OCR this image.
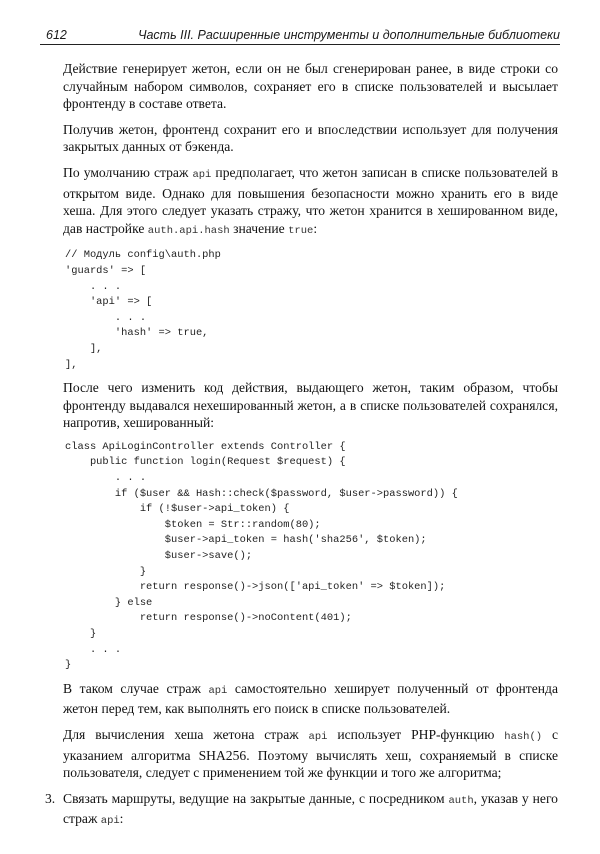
612	Часть III. Расширенные инструменты и дополнительные библиотеки

Действие генерирует жетон, если он не был сгенерирован ранее, в виде строки со случайным набором символов, сохраняет его в списке пользователей и высылает фронтенду в составе ответа.

Получив жетон, фронтенд сохранит его и впоследствии использует для получения закрытых данных от бэкенда.

По умолчанию страж api предполагает, что жетон записан в списке пользователей в открытом виде. Однако для повышения безопасности можно хранить его в виде хеша. Для этого следует указать стражу, что жетон хранится в хешированном виде, дав настройке auth.api.hash значение true:

// Модуль config\auth.php
'guards' => [
. . .
'api' => [
. . .
'hash' => true,
],
],

После чего изменить код действия, выдающего жетон, таким образом, чтобы фронтенду выдавался нехешированный жетон, а в списке пользователей сохранялся, напротив, хешированный:

class ApiLoginController extends Controller {
public function login(Request $request) {
. . .
if ($user && Hash::check($password, $user->password)) {
if (!$user->api_token) {
$token = Str::random(80);
$user->api_token = hash('sha256', $token);
$user->save();
}
return response()->json(['api_token' => $token]);
} else
return response()->noContent(401);
}
. . .
}

В таком случае страж api самостоятельно хеширует полученный от фронтенда жетон перед тем, как выполнять его поиск в списке пользователей.

Для вычисления хеша жетона страж api использует PHP-функцию hash() с указанием алгоритма SHA256. Поэтому вычислять хеш, сохраняемый в списке пользователя, следует с применением той же функции и того же алгоритма;

3. Связать маршруты, ведущие на закрытые данные, с посредником auth, указав у него страж api:
